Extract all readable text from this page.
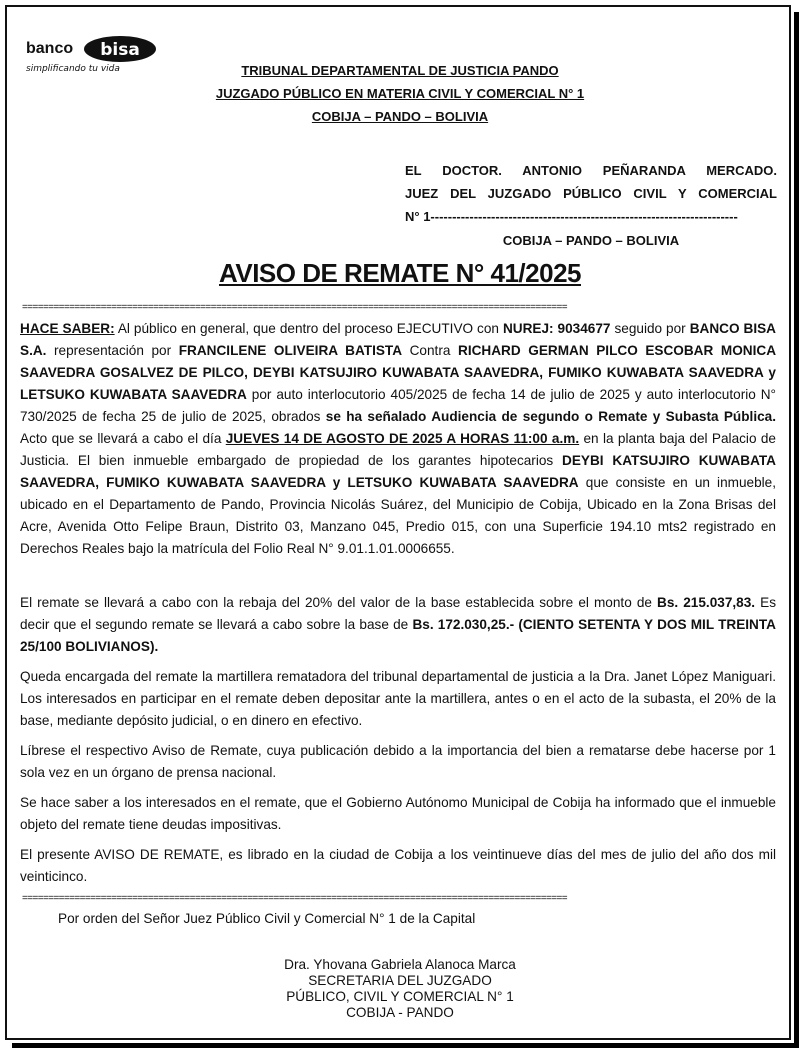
banco bisa
simplificando tu vida	TRIBUNAL DEPARTAMENTAL DE JUSTICIA PANDO
JUZGADO PÚBLICO EN MATERIA CIVIL Y COMERCIAL N° 1
COBIJA – PANDO – BOLIVIA
EL DOCTOR. ANTONIO PEÑARANDA MERCADO.
JUEZ DEL JUZGADO PÚBLICO CIVIL Y COMERCIAL
N° 1-----------------------------------------------------------------------
COBIJA – PANDO – BOLIVIA
AVISO DE REMATE N° 41/2025
========================================================================================================

HACE SABER: Al público en general, que dentro del proceso EJECUTIVO con NUREJ: 9034677 seguido por BANCO BISA S.A. representación por FRANCILENE OLIVEIRA BATISTA Contra RICHARD GERMAN PILCO ESCOBAR MONICA SAAVEDRA GOSALVEZ DE PILCO, DEYBI KATSUJIRO KUWABATA SAAVEDRA, FUMIKO KUWABATA SAAVEDRA y LETSUKO KUWABATA SAAVEDRA por auto interlocutorio 405/2025 de fecha 14 de julio de 2025 y auto interlocutorio N° 730/2025 de fecha 25 de julio de 2025, obrados se ha señalado Audiencia de segundo o Remate y Subasta Pública. Acto que se llevará a cabo el día JUEVES 14 DE AGOSTO DE 2025 A HORAS 11:00 a.m. en la planta baja del Palacio de Justicia. El bien inmueble embargado de propiedad de los garantes hipotecarios DEYBI KATSUJIRO KUWABATA SAAVEDRA, FUMIKO KUWABATA SAAVEDRA y LETSUKO KUWABATA SAAVEDRA que consiste en un inmueble, ubicado en el Departamento de Pando, Provincia Nicolás Suárez, del Municipio de Cobija, Ubicado en la Zona Brisas del Acre, Avenida Otto Felipe Braun, Distrito 03, Manzano 045, Predio 015, con una Superficie 194.10 mts2 registrado en Derechos Reales bajo la matrícula del Folio Real N° 9.01.1.01.0006655.

El remate se llevará a cabo con la rebaja del 20% del valor de la base establecida sobre el monto de Bs. 215.037,83. Es decir que el segundo remate se llevará a cabo sobre la base de Bs. 172.030,25.- (CIENTO SETENTA Y DOS MIL TREINTA 25/100 BOLIVIANOS).

Queda encargada del remate la martillera rematadora del tribunal departamental de justicia a la Dra. Janet López Maniguari. Los interesados en participar en el remate deben depositar ante la martillera, antes o en el acto de la subasta, el 20% de la base, mediante depósito judicial, o en dinero en efectivo.

Líbrese el respectivo Aviso de Remate, cuya publicación debido a la importancia del bien a rematarse debe hacerse por 1 sola vez en un órgano de prensa nacional.

Se hace saber a los interesados en el remate, que el Gobierno Autónomo Municipal de Cobija ha informado que el inmueble objeto del remate tiene deudas impositivas.

El presente AVISO DE REMATE, es librado en la ciudad de Cobija a los veintinueve días del mes de julio del año dos mil veinticinco.

========================================================================================================
Por orden del Señor Juez Público Civil y Comercial N° 1 de la Capital
Dra. Yhovana Gabriela Alanoca Marca
SECRETARIA DEL JUZGADO
PÚBLICO, CIVIL Y COMERCIAL N° 1
COBIJA - PANDO
